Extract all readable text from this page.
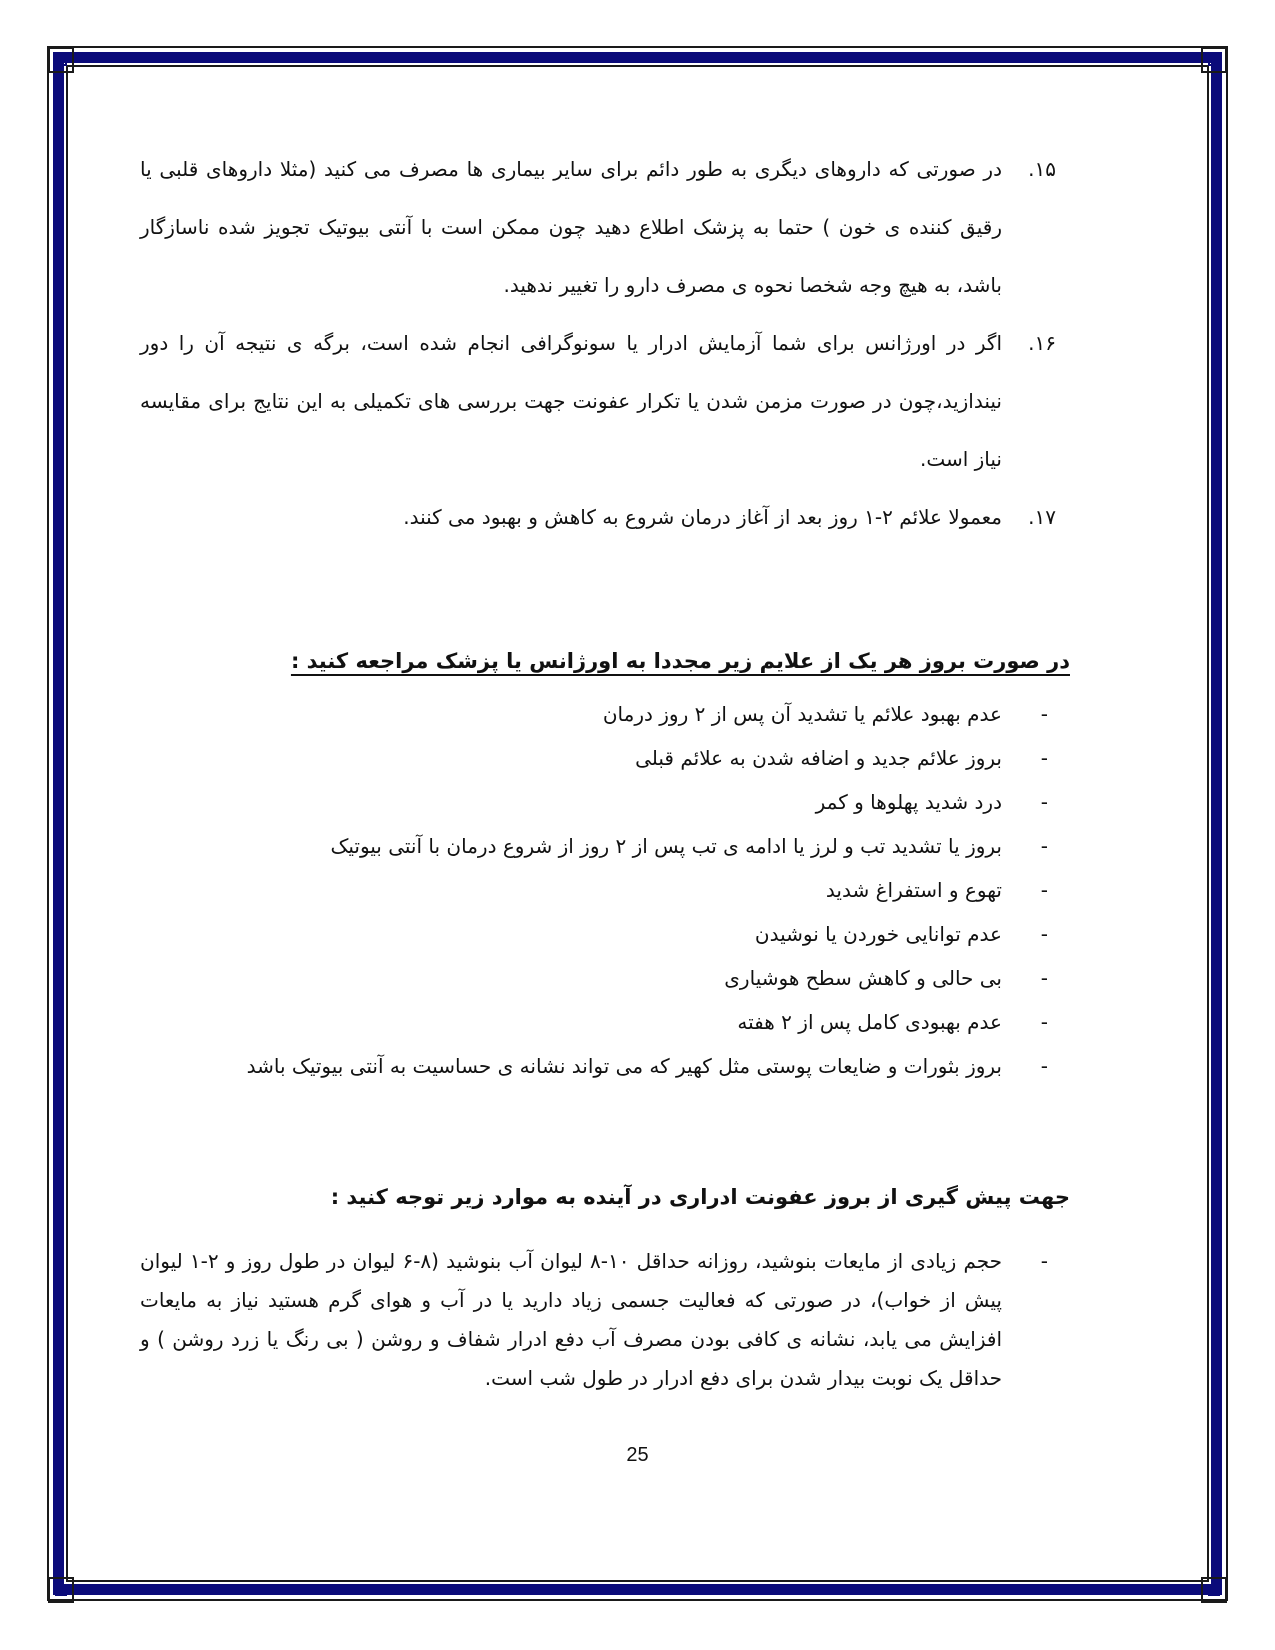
۱۵.
در صورتی که داروهای دیگری به طور دائم برای سایر بیماری ها مصرف می کنید (مثلا داروهای قلبی یا رقیق کننده ی خون ) حتما به پزشک اطلاع دهید چون ممکن است با آنتی بیوتیک تجویز شده ناسازگار باشد، به هیچ وجه شخصا نحوه ی مصرف دارو را تغییر ندهید.

۱۶.
اگر در اورژانس برای شما آزمایش ادرار یا سونوگرافی انجام شده است، برگه ی نتیجه آن را دور نیندازید،چون در صورت مزمن شدن یا تکرار عفونت جهت بررسی های تکمیلی به این نتایج برای مقایسه نیاز است.

۱۷.
معمولا علائم ۲-۱ روز بعد از آغاز درمان شروع به کاهش و بهبود می کنند.

در صورت بروز هر یک از علایم زیر مجددا به اورژانس یا پزشک مراجعه کنید :
-
عدم بهبود علائم یا تشدید آن پس از ۲ روز درمان
-
بروز علائم جدید و اضافه شدن به علائم قبلی
-
درد شدید پهلوها و کمر
-
بروز یا تشدید تب و لرز یا ادامه ی تب پس از ۲ روز از شروع درمان با آنتی بیوتیک
-
تهوع و استفراغ شدید
-
عدم توانایی خوردن یا نوشیدن
-
بی حالی و کاهش سطح هوشیاری
-
عدم بهبودی کامل پس از ۲ هفته
-
بروز بثورات و ضایعات پوستی مثل کهیر که می تواند نشانه ی حساسیت به آنتی بیوتیک باشد
جهت پیش گیری از بروز عفونت ادراری در آینده به موارد زیر توجه کنید :

-
حجم زیادی از مایعات بنوشید، روزانه حداقل ۱۰-۸ لیوان آب بنوشید (۸-۶ لیوان در طول روز و ۲-۱ لیوان پیش از خواب)، در صورتی که فعالیت جسمی زیاد دارید یا در آب و هوای گرم هستید نیاز به مایعات افزایش می یابد، نشانه ی کافی بودن مصرف آب دفع ادرار شفاف و روشن ( بی رنگ یا زرد روشن ) و حداقل یک نوبت بیدار شدن برای دفع ادرار در طول شب است.

25
